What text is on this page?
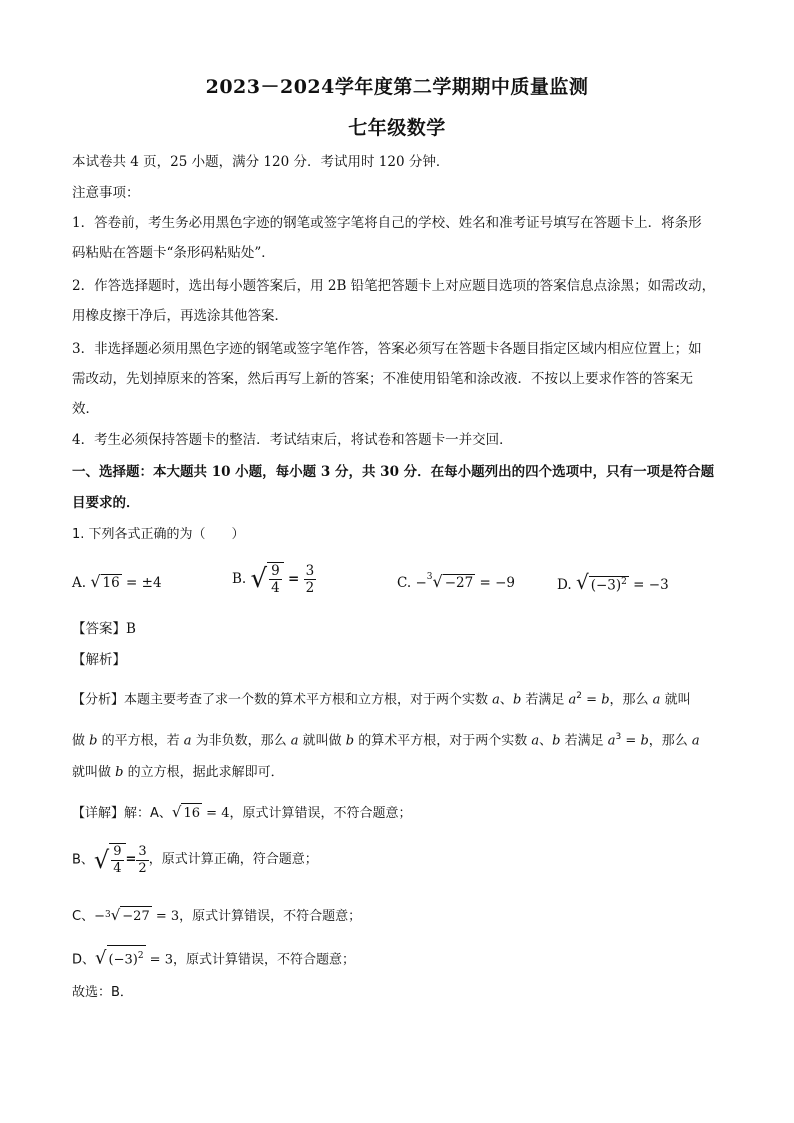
2023－2024学年度第二学期期中质量监测
七年级数学
本试卷共 4 页，25 小题，满分 120 分．考试用时 120 分钟．
注意事项：
1．答卷前，考生务必用黑色字迹的钢笔或签字笔将自己的学校、姓名和准考证号填写在答题卡上．将条形
码粘贴在答题卡“条形码粘贴处”．
2．作答选择题时，选出每小题答案后，用 2B 铅笔把答题卡上对应题目选项的答案信息点涂黑；如需改动，
用橡皮擦干净后，再选涂其他答案．
3．非选择题必须用黑色字迹的钢笔或签字笔作答，答案必须写在答题卡各题目指定区域内相应位置上；如
需改动，先划掉原来的答案，然后再写上新的答案；不准使用铅笔和涂改液．不按以上要求作答的答案无
效．
4．考生必须保持答题卡的整洁．考试结束后，将试卷和答题卡一并交回．
一、选择题：本大题共 10 小题，每小题 3 分，共 30 分．在每小题列出的四个选项中，只有一项是符合题
目要求的．
1. 下列各式正确的为（　　）
A. √ 16 = ±4	B. √ $\frac{9}{4} = \frac{3}{2}$	C. −$^3$√ −27 = −9	D. √ $(-3)^2 = -3$
【答案】B
【解析】
【分析】本题主要考查了求一个数的算术平方根和立方根，对于两个实数 a、b 若满足 $a^2 = b$，那么 a 就叫
做 b 的平方根，若 a 为非负数，那么 a 就叫做 b 的算术平方根，对于两个实数 a、b 若满足 $a^3 = b$，那么 a
就叫做 b 的立方根，据此求解即可．
【详解】解：A、√ 16 = 4，原式计算错误，不符合题意；
B、√ $\frac{9}{4} = \frac{3}{2}$ ，原式计算正确，符合题意；
C、−$^3$√ −27 = 3，原式计算错误，不符合题意；
D、√ $(-3)^2 = 3$，原式计算错误，不符合题意；
故选：B．
